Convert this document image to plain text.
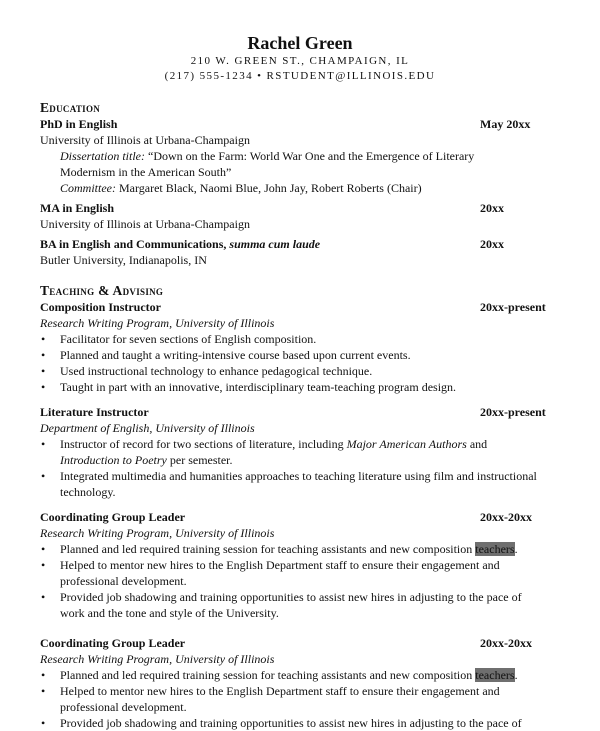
Rachel Green
210 W. GREEN ST., CHAMPAIGN, IL
(217) 555-1234 • RSTUDENT@ILLINOIS.EDU
Education
PhD in English	May 20xx
University of Illinois at Urbana-Champaign
Dissertation title: “Down on the Farm: World War One and the Emergence of Literary
Modernism in the American South”
Committee: Margaret Black, Naomi Blue, John Jay, Robert Roberts (Chair)
MA in English	20xx
University of Illinois at Urbana-Champaign
BA in English and Communications, summa cum laude	20xx
Butler University, Indianapolis, IN
Teaching & Advising
Composition Instructor	20xx-present
Research Writing Program, University of Illinois
• Facilitator for seven sections of English composition.
• Planned and taught a writing-intensive course based upon current events.
• Used instructional technology to enhance pedagogical technique.
• Taught in part with an innovative, interdisciplinary team-teaching program design.
Literature Instructor	20xx-present
Department of English, University of Illinois
• Instructor of record for two sections of literature, including Major American Authors and
Introduction to Poetry per semester.
• Integrated multimedia and humanities approaches to teaching literature using film and instructional
technology.
Coordinating Group Leader	20xx-20xx
Research Writing Program, University of Illinois
• Planned and led required training session for teaching assistants and new composition teachers.
• Helped to mentor new hires to the English Department staff to ensure their engagement and
professional development.
• Provided job shadowing and training opportunities to assist new hires in adjusting to the pace of
work and the tone and style of the University.
Coordinating Group Leader	20xx-20xx
Research Writing Program, University of Illinois
• Planned and led required training session for teaching assistants and new composition teachers.
• Helped to mentor new hires to the English Department staff to ensure their engagement and
professional development.
• Provided job shadowing and training opportunities to assist new hires in adjusting to the pace of
